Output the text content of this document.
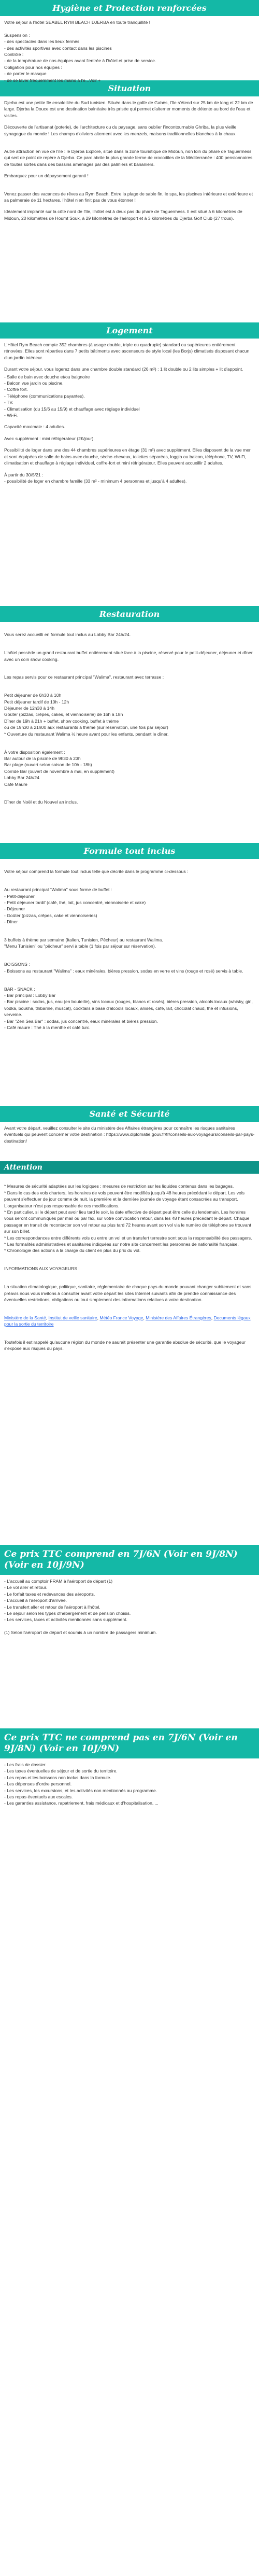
Hygiène et Protection renforcées
Votre séjour à l'hôtel SEABEL RYM BEACH DJERBA en toute tranquillité !

Suspension :
- des spectacles dans les lieux fermés
- des activités sportives avec contact dans les piscines
Contrôle :
- de la température de nos équipes avant l'entrée à l'hôtel et prise de service.
Obligation pour nos équipes :
- de porter le masque
- de se laver fréquemment les mains à l'e...Voir +
Situation

Djerba est une petite île ensoleillée du Sud tunisien. Située dans le golfe de Gabès, l'île s'étend sur 25 km de long et 22 km de large. Djerba la Douce est une destination balnéaire très prisée qui permet d'alterner moments de détente au bord de l'eau et visites.

Découverte de l'artisanat (poterie), de l'architecture ou du paysage, sans oublier l'incontournable Ghriba, la plus vieille synagogue du monde ! Les champs d'oliviers alternent avec les menzels, maisons traditionnelles blanches à la chaux.

Autre attraction en vue de l'île : le Djerba Explore, situé dans la zone touristique de Midoun, non loin du phare de Taguermess qui sert de point de repère à Djerba. Ce parc abrite la plus grande ferme de crocodiles de la Méditerranée : 400 pensionnaires de toutes sortes dans des bassins aménagés par des palmiers et bananiers.

Embarquez pour un dépaysement garanti !

Venez passer des vacances de rêves au Rym Beach. Entre la plage de sable fin, le spa, les piscines intérieure et extérieure et sa palmeraie de 11 hectares, l'hôtel n'en finit pas de vous étonner !

Idéalement implanté sur la côte nord de l'île, l'hôtel est à deux pas du phare de Taguermess. Il est situé à 6 kilomètres de Midoun, 20 kilomètres de Houmt Souk, à 29 kilomètres de l'aéroport et à 3 kilomètres du Djerba Golf Club (27 trous).

Logement

L'Hôtel Rym Beach compte 352 chambres (à usage double, triple ou quadruple) standard ou supérieures entièrement rénovées. Elles sont réparties dans 7 petits bâtiments avec ascenseurs de style local (les Borjs) climatisés disposant chacun d'un jardin intérieur.

Durant votre séjour, vous logerez dans une chambre double standard (26 m²) : 1 lit double ou 2 lits simples + lit d'appoint.

- Salle de bain avec douche et/ou baignoire
- Balcon vue jardin ou piscine.
- Coffre fort.
- Téléphone (communications payantes).
- TV.
- Climatisation (du 15/6 au 15/9) et chauffage avec réglage individuel
- Wi-Fi.

Capacité maximale : 4 adultes.

Avec supplément : mini réfrigérateur (2€/jour).

Possibilité de loger dans une des 44 chambres supérieures en étage (31 m²) avec supplément. Elles disposent de la vue mer et sont équipées de salle de bains avec douche, sèche-cheveux, toilettes séparées, loggia ou balcon, téléphone, TV, Wi-Fi, climatisation et chauffage à réglage individuel, coffre-fort et mini réfrigérateur. Elles peuvent accueillir 2 adultes.

À partir du 30/5/21 :
- possibilité de loger en chambre famille (33 m² - minimum 4 personnes et jusqu'à 4 adultes).
Restauration

Vous serez accueilli en formule tout inclus au Lobby Bar 24h/24.

L'hôtel possède un grand restaurant buffet entièrement situé face à la piscine, réservé pour le petit-déjeuner, déjeuner et dîner avec un coin show cooking.

Les repas servis pour ce restaurant principal "Walima", restaurant avec terrasse :

Petit déjeuner de 6h30 à 10h
Petit déjeuner tardif de 10h - 12h
Déjeuner de 12h30 à 14h
Goûter (pizzas, crêpes, cakes, et viennoiserie) de 16h à 18h
Dîner de 19h à 21h + buffet, show cooking, buffet à thème
ou de 19h30 à 21h00 aux restaurants à thème (sur réservation, une fois par séjour)
* Ouverture du restaurant Walima ½ heure avant pour les enfants, pendant le dîner.

À votre disposition également :
Bar autour de la piscine de 9h30 à 23h
Bar plage (ouvert selon saison de 10h - 18h)
Corride Bar (ouvert de novembre à mai, en supplément)
Lobby Bar 24h/24
Café Maure

Dîner de Noël et du Nouvel an inclus.

Formule tout inclus

Votre séjour comprend la formule tout inclus telle que décrite dans le programme ci-dessous :

Au restaurant principal "Walima" sous forme de buffet :
- Petit-déjeuner
- Petit déjeuner tardif (café, thé, lait, jus concentré, viennoiserie et cake)
- Déjeuner
- Goûter (pizzas, crêpes, cake et viennoiseries)
- Dîner

3 buffets à thème par semaine (Italien, Tunisien, Pêcheur) au restaurant Walima.
"Menu Tunisien" ou "pêcheur" servi à table (1 fois par séjour sur réservation).

BOISSONS :
- Boissons au restaurant "Walima" : eaux minérales, bières pression, sodas en verre et vins (rouge et rosé) servis à table.

BAR - SNACK :
- Bar principal : Lobby Bar
- Bar piscine : sodas, jus, eau (en bouteille), vins locaux (rouges, blancs et rosés), bières pression, alcools locaux (whisky, gin, vodka, boukha, thibarine, muscat), cocktails à base d'alcools locaux, anisés, café, lait, chocolat chaud, thé et infusions, verveine.
- Bar "Zen Sea Bar" : sodas, jus concentré, eaux minérales et bières pression.
- Café maure : Thé à la menthe et café turc.

Santé et Sécurité

Avant votre départ, veuillez consulter le site du ministère des Affaires étrangères pour connaître les risques sanitaires éventuels qui peuvent concerner votre destination : https://www.diplomatie.gouv.fr/fr/conseils-aux-voyageurs/conseils-par-pays-destination/

Attention

* Mesures de sécurité adaptées sur les logiques : mesures de restriction sur les liquides contenus dans les bagages.
* Dans le cas des vols charters, les horaires de vols peuvent être modifiés jusqu'à 48 heures précédant le départ. Les vols peuvent s'effectuer de jour comme de nuit, la première et la dernière journée de voyage étant consacrées au transport. L'organisateur n'est pas responsable de ces modifications.
* En particulier, si le départ peut avoir lieu tard le soir, la date effective de départ peut être celle du lendemain. Les horaires vous seront communiqués par mail ou par fax, sur votre convocation retour, dans les 48 heures précédant le départ. Chaque passager en transit de recontacter son vol retour au plus tard 72 heures avant son vol via le numéro de téléphone se trouvant sur son billet.
* Les correspondances entre différents vols ou entre un vol et un transfert terrestre sont sous la responsabilité des passagers.
* Les formalités administratives et sanitaires indiquées sur notre site concernent les personnes de nationalité française.
* Chronologie des actions à la charge du client en plus du prix du vol.

INFORMATIONS AUX VOYAGEURS :

La situation climatologique, politique, sanitaire, réglementaire de chaque pays du monde pouvant changer subitement et sans préavis nous vous invitons à consulter avant votre départ les sites Internet suivants afin de prendre connaissance des éventuelles restrictions, obligations ou tout simplement des informations relatives à votre destination.

Ministère de la Santé, Institut de veille sanitaire, Météo France Voyage, Ministère des Affaires Étrangères, Documents légaux pour la sortie du territoire

Toutefois il est rappelé qu'aucune région du monde ne saurait présenter une garantie absolue de sécurité, que le voyageur s'expose aux risques du pays.

Ce prix TTC comprend en 7J/6N (Voir en 9J/8N) (Voir en 10J/9N)
- L'accueil au comptoir FRAM à l'aéroport de départ (1)
- Le vol aller et retour.
- Le forfait taxes et redevances des aéroports.
- L'accueil à l'aéroport d'arrivée.
- Le transfert aller et retour de l'aéroport à l'hôtel.
- Le séjour selon les types d'hébergement et de pension choisis.
- Les services, taxes et activités mentionnés sans supplément.

(1) Selon l'aéroport de départ et soumis à un nombre de passagers minimum.
Ce prix TTC ne comprend pas en 7J/6N (Voir en 9J/8N) (Voir en 10J/9N)
- Les frais de dossier.
- Les taxes éventuelles de séjour et de sortie du territoire.
- Les repas et les boissons non inclus dans la formule.
- Les dépenses d'ordre personnel.
- Les services, les excursions, et les activités non mentionnés au programme.
- Les repas éventuels aux escales.
- Les garanties assistance, rapatriement, frais médicaux et d'hospitalisation, ...
